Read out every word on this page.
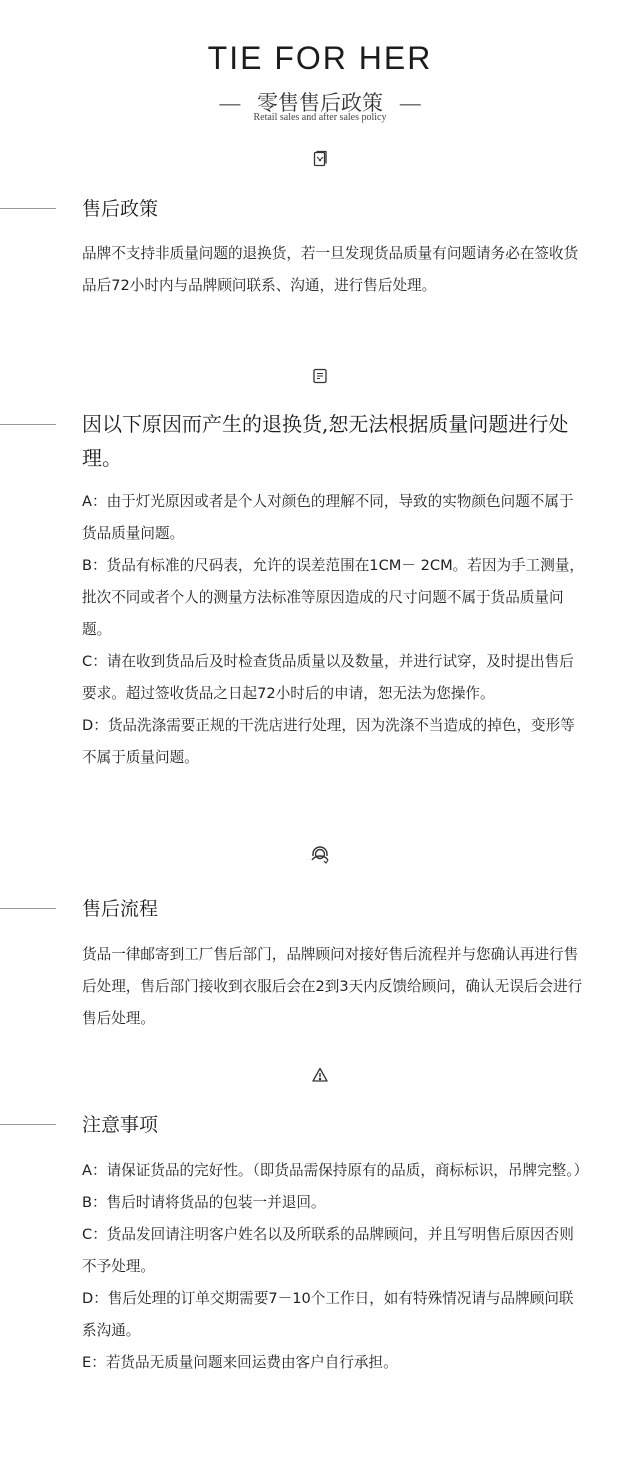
TIE FOR HER
— 零售售后政策 —
Retail sales and after sales policy
售后政策

品牌不支持非质量问题的退换货，若一旦发现货品质量有问题请务必在签收货品后72小时内与品牌顾问联系、沟通，进行售后处理。

因以下原因而产生的退换货,恕无法根据质量问题进行处理。

A：由于灯光原因或者是个人对颜色的理解不同，导致的实物颜色问题不属于货品质量问题。

B：货品有标准的尺码表，允许的误差范围在1CM－ 2CM。若因为手工测量，批次不同或者个人的测量方法标准等原因造成的尺寸问题不属于货品质量问题。

C：请在收到货品后及时检查货品质量以及数量，并进行试穿，及时提出售后要求。超过签收货品之日起72小时后的申请，恕无法为您操作。

D：货品洗涤需要正规的干洗店进行处理，因为洗涤不当造成的掉色，变形等不属于质量问题。

售后流程

货品一律邮寄到工厂售后部门，品牌顾问对接好售后流程并与您确认再进行售后处理，售后部门接收到衣服后会在2到3天内反馈给顾问，确认无误后会进行售后处理。

注意事项

A：请保证货品的完好性。（即货品需保持原有的品质，商标标识，吊牌完整。）

B：售后时请将货品的包装一并退回。

C：货品发回请注明客户姓名以及所联系的品牌顾问，并且写明售后原因否则不予处理。

D：售后处理的订单交期需要7－10个工作日，如有特殊情况请与品牌顾问联系沟通。

E：若货品无质量问题来回运费由客户自行承担。
